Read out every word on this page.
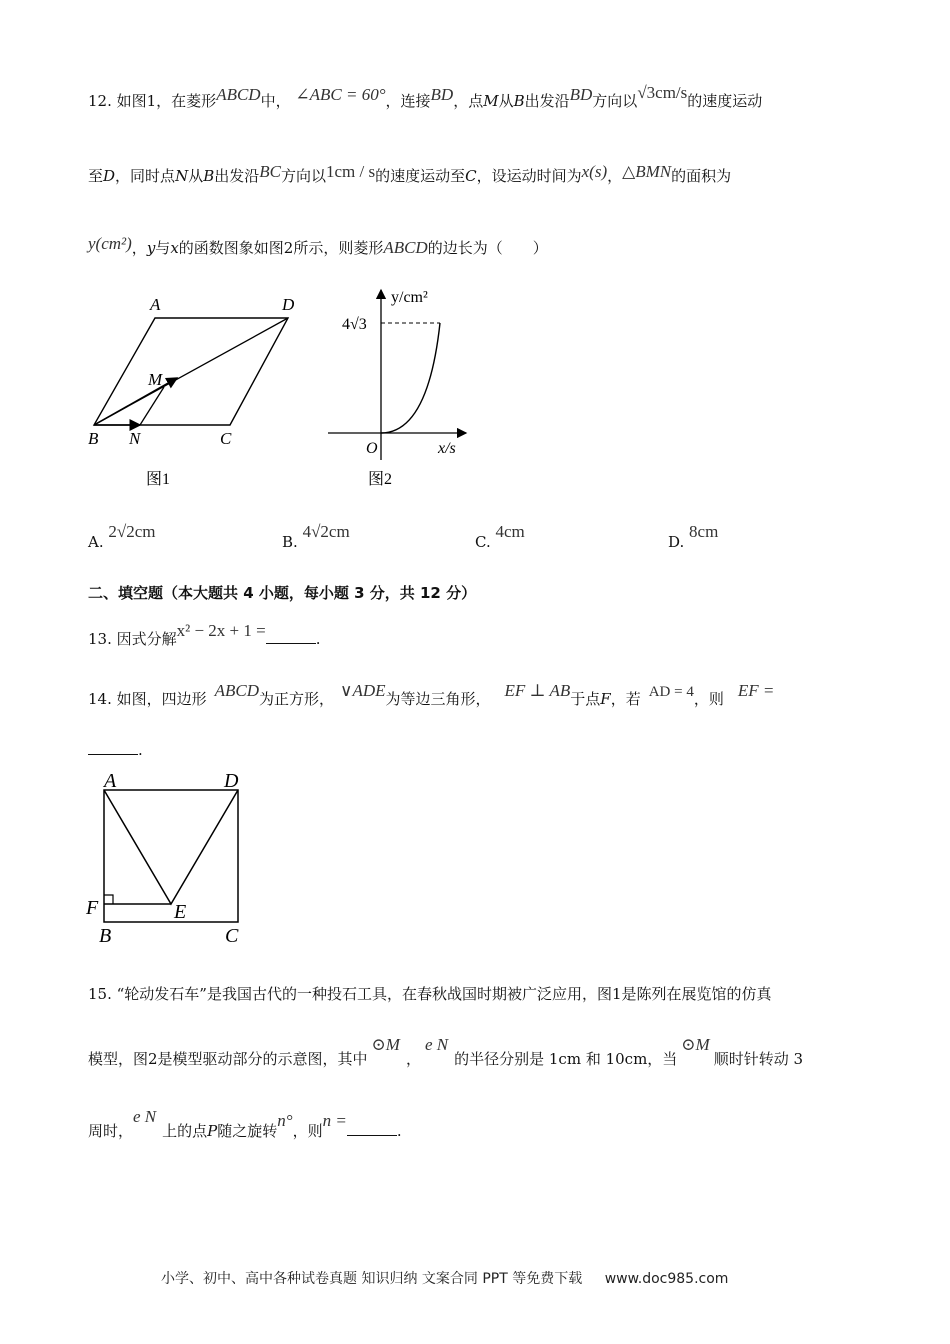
12. 如图1，在菱形ABCD中， ∠ABC = 60°，连接BD，点M从B出发沿BD方向以√3cm/s的速度运动
至D，同时点N从B出发沿BC方向以1cm / s的速度运动至C，设运动时间为x(s)，△BMN的面积为
y(cm²)，y与x的函数图象如图2所示，则菱形ABCD的边长为（　　）
A	D
M
B N	C
图1
y/cm²
4√3
O	x/s
图2
A. 2√2cm
B. 4√2cm
C. 4cm
D. 8cm
二、填空题（本大题共 4 小题，每小题 3 分，共 12 分）
13. 因式分解x² − 2x + 1 =	.
14. 如图，四边形 ABCD为正方形， ∨ADE为等边三角形， EF ⊥ AB于点F，若 AD = 4，则 EF =
.
A	D
F	E
B	C
15. “轮动发石车”是我国古代的一种投石工具，在春秋战国时期被广泛应用，图1是陈列在展览馆的仿真
模型，图2是模型驱动部分的示意图，其中⊙M，e N的半径分别是 1cm 和 10cm，当⊙M顺时针转动 3
周时，e N上的点P随之旋转n°，则n =.
小学、初中、高中各种试卷真题 知识归纳 文案合同 PPT 等免费下载 www.doc985.com
